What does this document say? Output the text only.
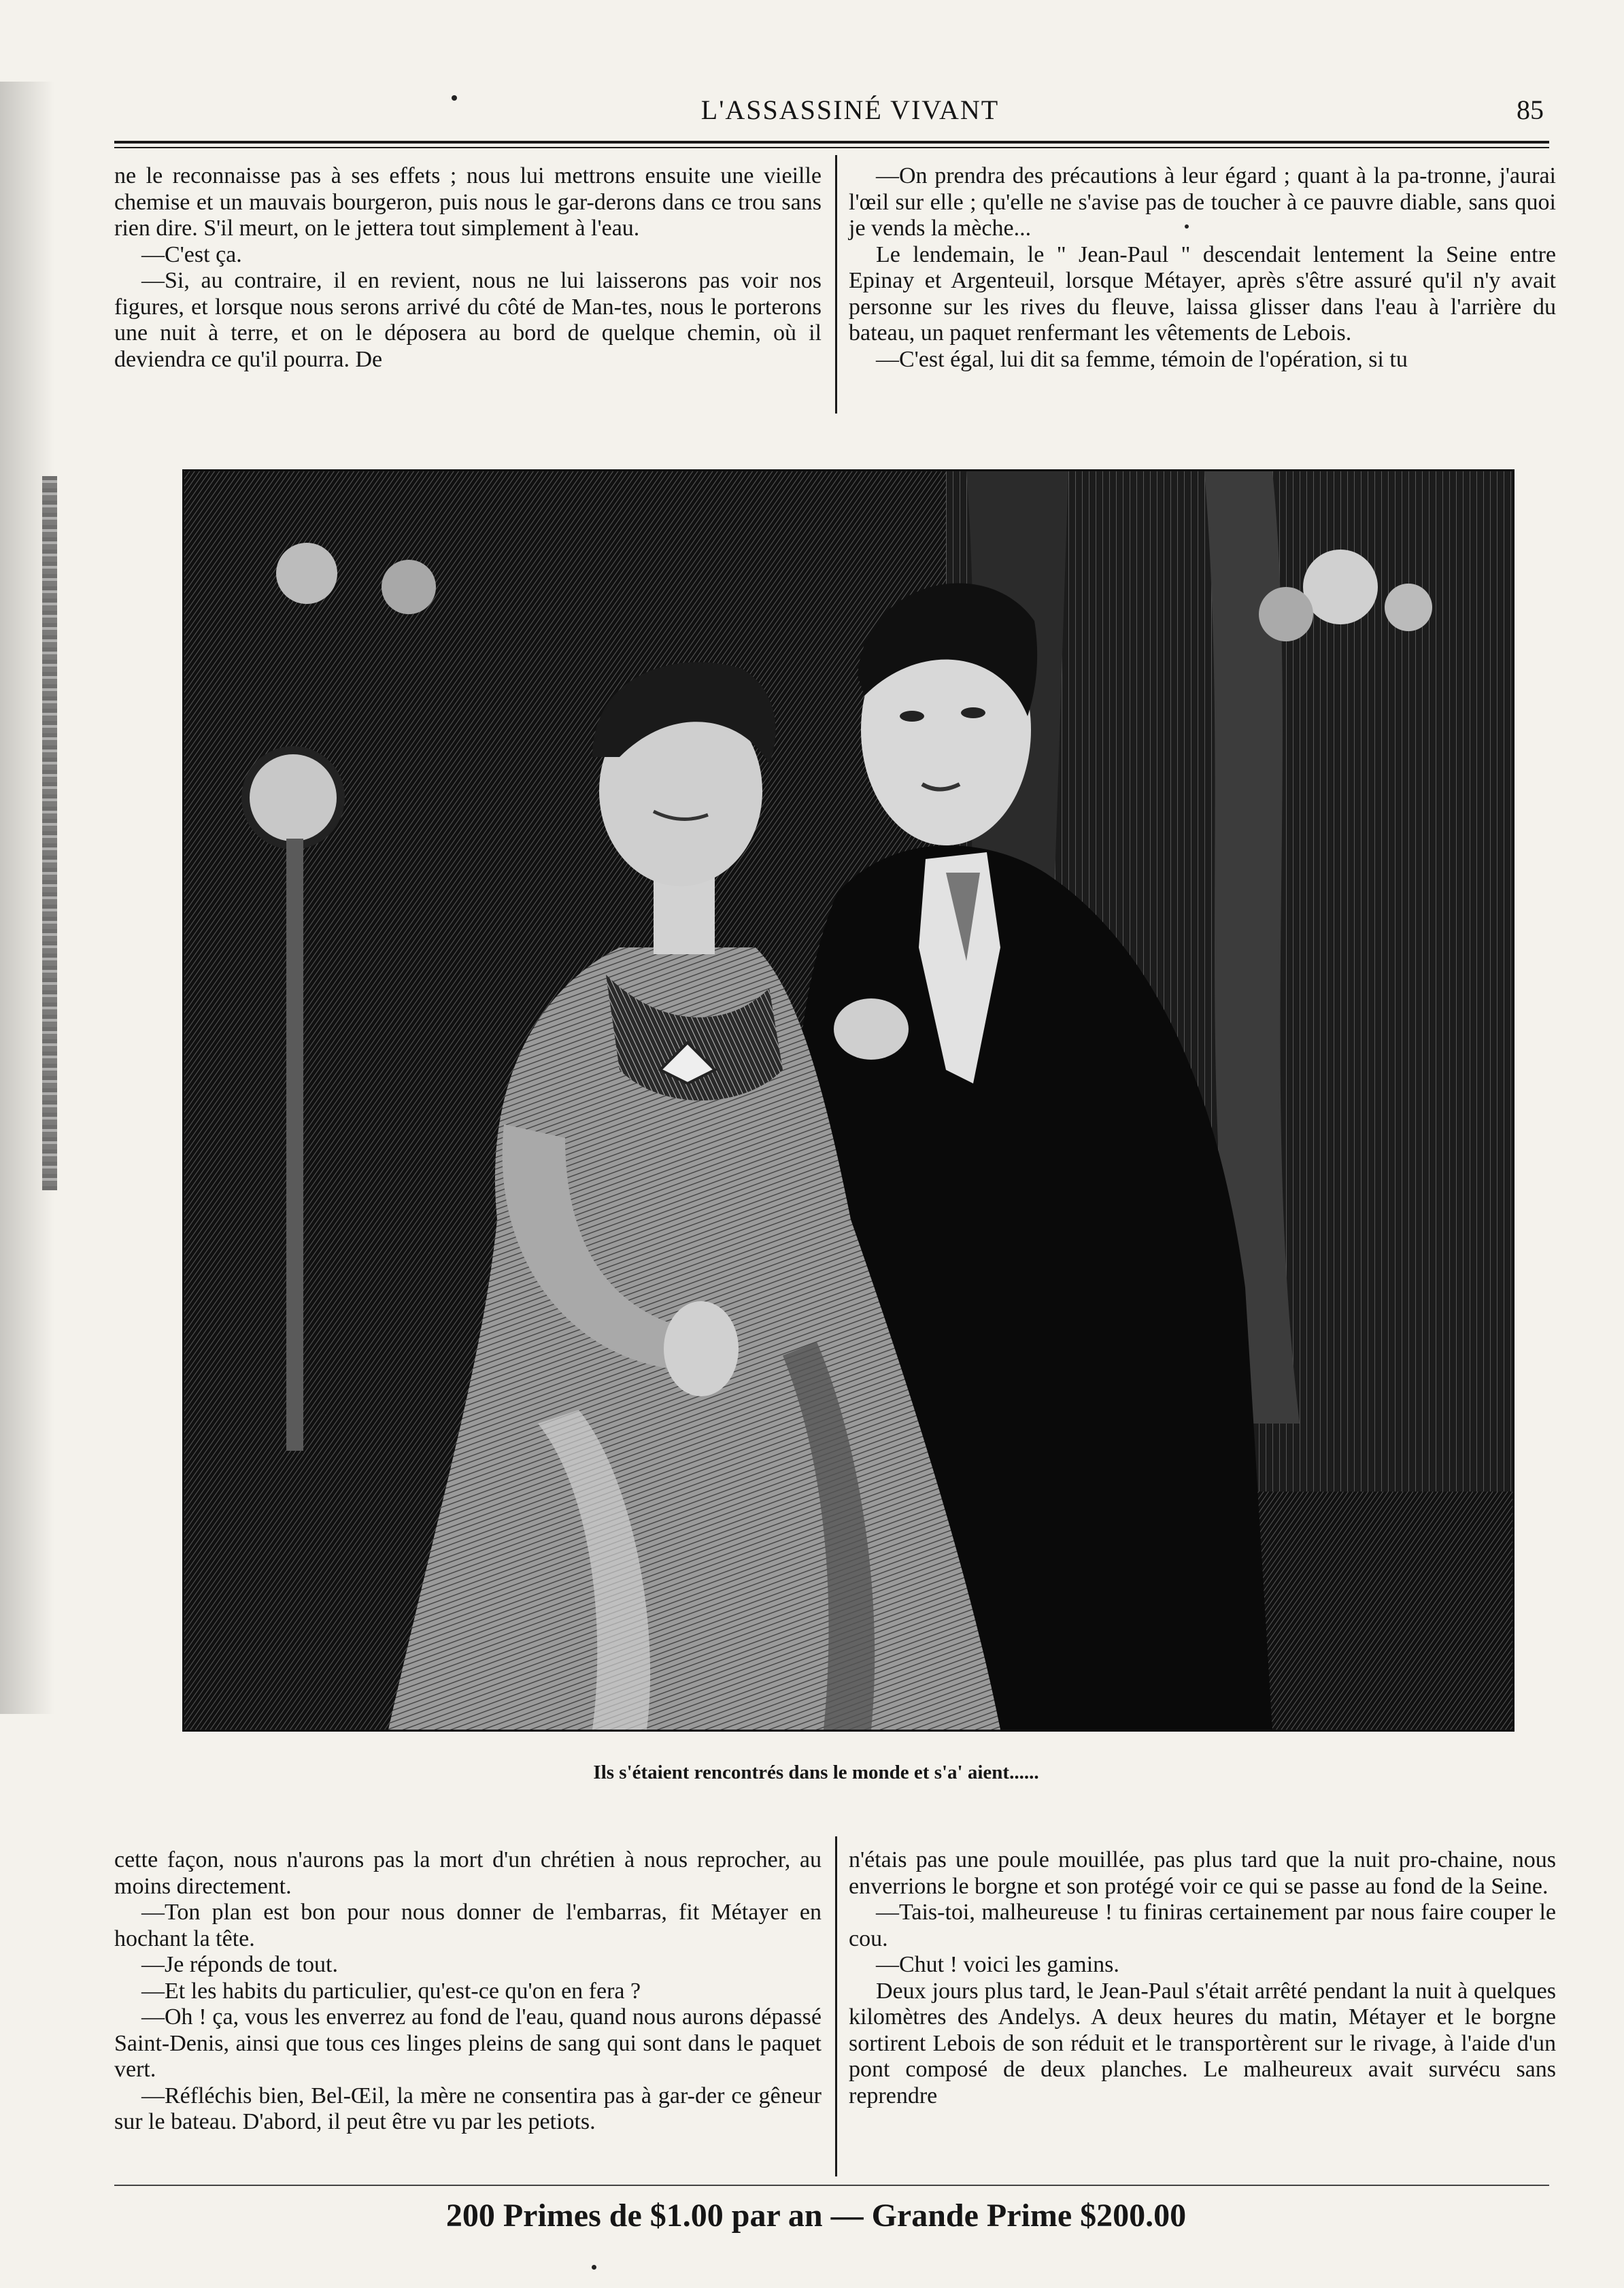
L'ASSASSINÉ VIVANT	85

ne le reconnaisse pas à ses effets ; nous lui mettrons ensuite une vieille chemise et un mauvais bourgeron, puis nous le gar-derons dans ce trou sans rien dire. S'il meurt, on le jettera tout simplement à l'eau.

—C'est ça.

—Si, au contraire, il en revient, nous ne lui laisserons pas voir nos figures, et lorsque nous serons arrivé du côté de Man-tes, nous le porterons une nuit à terre, et on le déposera au bord de quelque chemin, où il deviendra ce qu'il pourra. De

—On prendra des précautions à leur égard ; quant à la pa-tronne, j'aurai l'œil sur elle ; qu'elle ne s'avise pas de toucher à ce pauvre diable, sans quoi je vends la mèche...

Le lendemain, le " Jean-Paul " descendait lentement la Seine entre Epinay et Argenteuil, lorsque Métayer, après s'être assuré qu'il n'y avait personne sur les rives du fleuve, laissa glisser dans l'eau à l'arrière du bateau, un paquet renfermant les vêtements de Lebois.

—C'est égal, lui dit sa femme, témoin de l'opération, si tu

Ils s'étaient rencontrés dans le monde et s'a' aient......

cette façon, nous n'aurons pas la mort d'un chrétien à nous reprocher, au moins directement.

—Ton plan est bon pour nous donner de l'embarras, fit Métayer en hochant la tête.

—Je réponds de tout.

—Et les habits du particulier, qu'est-ce qu'on en fera ?

—Oh ! ça, vous les enverrez au fond de l'eau, quand nous aurons dépassé Saint-Denis, ainsi que tous ces linges pleins de sang qui sont dans le paquet vert.

—Réfléchis bien, Bel-Œil, la mère ne consentira pas à gar-der ce gêneur sur le bateau. D'abord, il peut être vu par les petiots.

n'étais pas une poule mouillée, pas plus tard que la nuit pro-chaine, nous enverrions le borgne et son protégé voir ce qui se passe au fond de la Seine.

—Tais-toi, malheureuse ! tu finiras certainement par nous faire couper le cou.

—Chut ! voici les gamins.

Deux jours plus tard, le Jean-Paul s'était arrêté pendant la nuit à quelques kilomètres des Andelys. A deux heures du matin, Métayer et le borgne sortirent Lebois de son réduit et le transportèrent sur le rivage, à l'aide d'un pont composé de deux planches. Le malheureux avait survécu sans reprendre

200 Primes de $1.00 par an — Grande Prime $200.00
